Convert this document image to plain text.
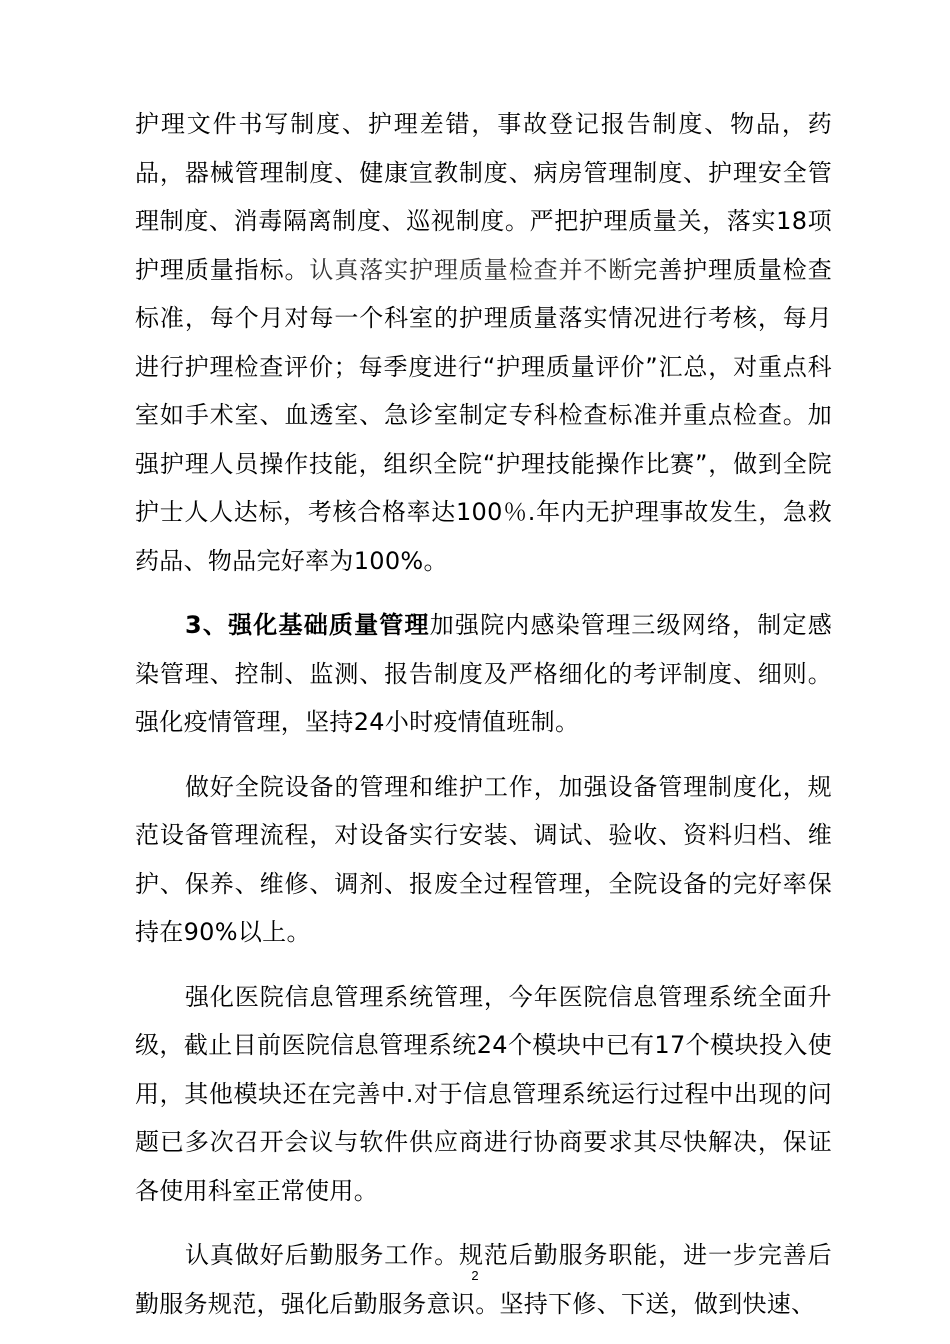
护理文件书写制度、护理差错，事故登记报告制度、物品，药品，器械管理制度、健康宣教制度、病房管理制度、护理安全管理制度、消毒隔离制度、巡视制度。严把护理质量关，落实18项护理质量指标。认真落实护理质量检查并不断完善护理质量检查标准，每个月对每一个科室的护理质量落实情况进行考核，每月进行护理检查评价；每季度进行“护理质量评价”汇总，对重点科室如手术室、血透室、急诊室制定专科检查标准并重点检查。加强护理人员操作技能，组织全院“护理技能操作比赛”，做到全院护士人人达标，考核合格率达100％.年内无护理事故发生，急救药品、物品完好率为100%。

3、强化基础质量管理加强院内感染管理三级网络，制定感染管理、控制、监测、报告制度及严格细化的考评制度、细则。强化疫情管理，坚持24小时疫情值班制。

做好全院设备的管理和维护工作，加强设备管理制度化，规范设备管理流程，对设备实行安装、调试、验收、资料归档、维护、保养、维修、调剂、报废全过程管理，全院设备的完好率保持在90%以上。

强化医院信息管理系统管理，今年医院信息管理系统全面升级，截止目前医院信息管理系统24个模块中已有17个模块投入使用，其他模块还在完善中.对于信息管理系统运行过程中出现的问题已多次召开会议与软件供应商进行协商要求其尽快解决，保证各使用科室正常使用。

认真做好后勤服务工作。规范后勤服务职能，进一步完善后勤服务规范，强化后勤服务意识。坚持下修、下送，做到快速、

2
